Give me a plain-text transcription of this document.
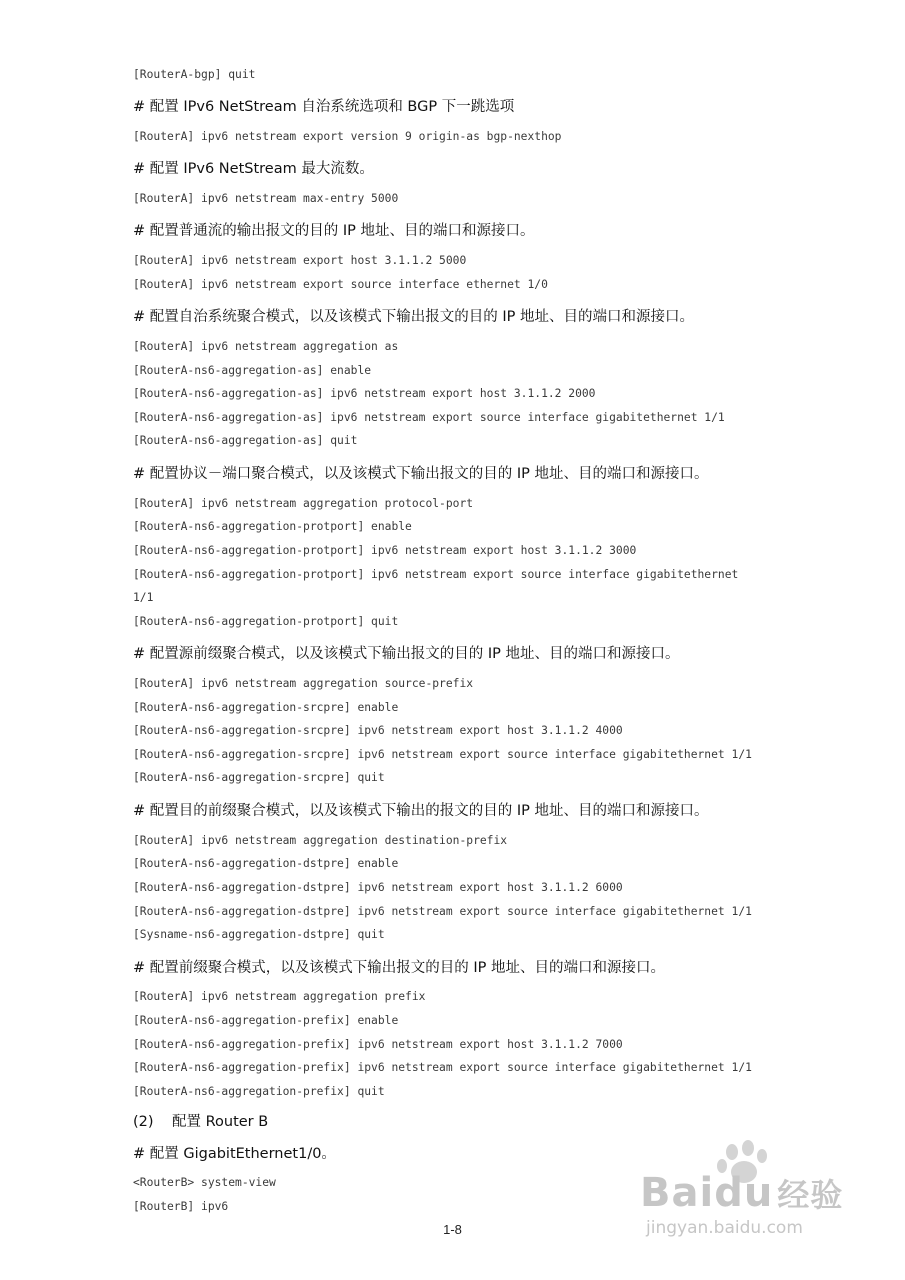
[RouterA-bgp] quit
# 配置 IPv6 NetStream 自治系统选项和 BGP 下一跳选项
[RouterA] ipv6 netstream export version 9 origin-as bgp-nexthop
# 配置 IPv6 NetStream 最大流数。
[RouterA] ipv6 netstream max-entry 5000
# 配置普通流的输出报文的目的 IP 地址、目的端口和源接口。
[RouterA] ipv6 netstream export host 3.1.1.2 5000
[RouterA] ipv6 netstream export source interface ethernet 1/0
# 配置自治系统聚合模式，以及该模式下输出报文的目的 IP 地址、目的端口和源接口。
[RouterA] ipv6 netstream aggregation as
[RouterA-ns6-aggregation-as] enable
[RouterA-ns6-aggregation-as] ipv6 netstream export host 3.1.1.2 2000
[RouterA-ns6-aggregation-as] ipv6 netstream export source interface gigabitethernet 1/1
[RouterA-ns6-aggregation-as] quit
# 配置协议－端口聚合模式，以及该模式下输出报文的目的 IP 地址、目的端口和源接口。
[RouterA] ipv6 netstream aggregation protocol-port
[RouterA-ns6-aggregation-protport] enable
[RouterA-ns6-aggregation-protport] ipv6 netstream export host 3.1.1.2 3000
[RouterA-ns6-aggregation-protport] ipv6 netstream export source interface gigabitethernet
1/1
[RouterA-ns6-aggregation-protport] quit
# 配置源前缀聚合模式，以及该模式下输出报文的目的 IP 地址、目的端口和源接口。
[RouterA] ipv6 netstream aggregation source-prefix
[RouterA-ns6-aggregation-srcpre] enable
[RouterA-ns6-aggregation-srcpre] ipv6 netstream export host 3.1.1.2 4000
[RouterA-ns6-aggregation-srcpre] ipv6 netstream export source interface gigabitethernet 1/1
[RouterA-ns6-aggregation-srcpre] quit
# 配置目的前缀聚合模式，以及该模式下输出的报文的目的 IP 地址、目的端口和源接口。
[RouterA] ipv6 netstream aggregation destination-prefix
[RouterA-ns6-aggregation-dstpre] enable
[RouterA-ns6-aggregation-dstpre] ipv6 netstream export host 3.1.1.2 6000
[RouterA-ns6-aggregation-dstpre] ipv6 netstream export source interface gigabitethernet 1/1
[Sysname-ns6-aggregation-dstpre] quit
# 配置前缀聚合模式，以及该模式下输出报文的目的 IP 地址、目的端口和源接口。
[RouterA] ipv6 netstream aggregation prefix
[RouterA-ns6-aggregation-prefix] enable
[RouterA-ns6-aggregation-prefix] ipv6 netstream export host 3.1.1.2 7000
[RouterA-ns6-aggregation-prefix] ipv6 netstream export source interface gigabitethernet 1/1
[RouterA-ns6-aggregation-prefix] quit
(2)    配置 Router B
# 配置 GigabitEthernet1/0。
<RouterB> system-view
[RouterB] ipv6
1-8
Baidu 经验
jingyan.baidu.com
